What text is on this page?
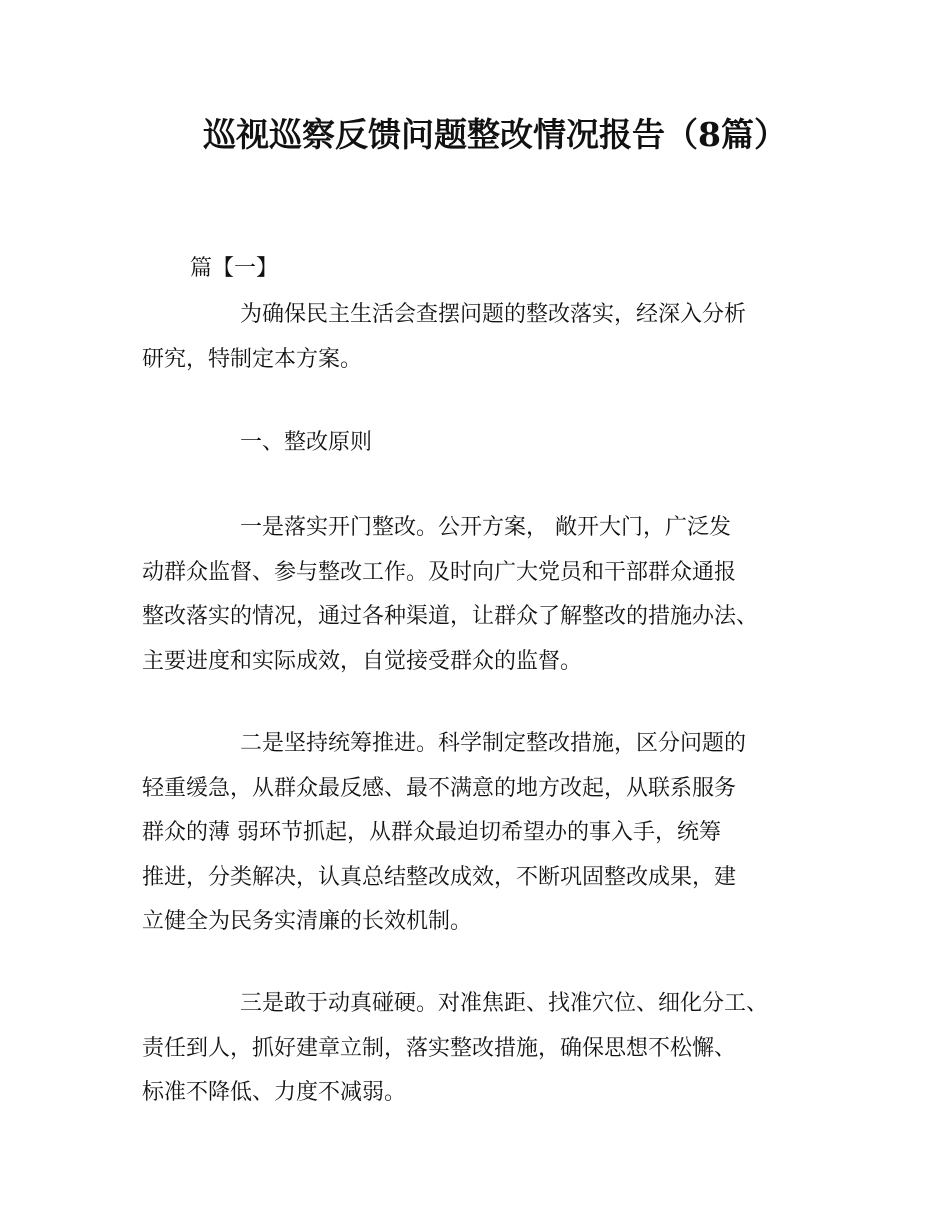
巡视巡察反馈问题整改情况报告（8篇）

篇【一】

为确保民主生活会查摆问题的整改落实，经深入分析
研究，特制定本方案。

一、整改原则

一是落实开门整改。公开方案， 敞开大门，广泛发
动群众监督、参与整改工作。及时向广大党员和干部群众通报
整改落实的情况，通过各种渠道，让群众了解整改的措施办法、
主要进度和实际成效，自觉接受群众的监督。

二是坚持统筹推进。科学制定整改措施，区分问题的
轻重缓急，从群众最反感、最不满意的地方改起，从联系服务
群众的薄 弱环节抓起，从群众最迫切希望办的事入手，统筹
推进，分类解决，认真总结整改成效，不断巩固整改成果，建
立健全为民务实清廉的长效机制。

三是敢于动真碰硬。对准焦距、找准穴位、细化分工、
责任到人，抓好建章立制，落实整改措施，确保思想不松懈、
标准不降低、力度不减弱。
